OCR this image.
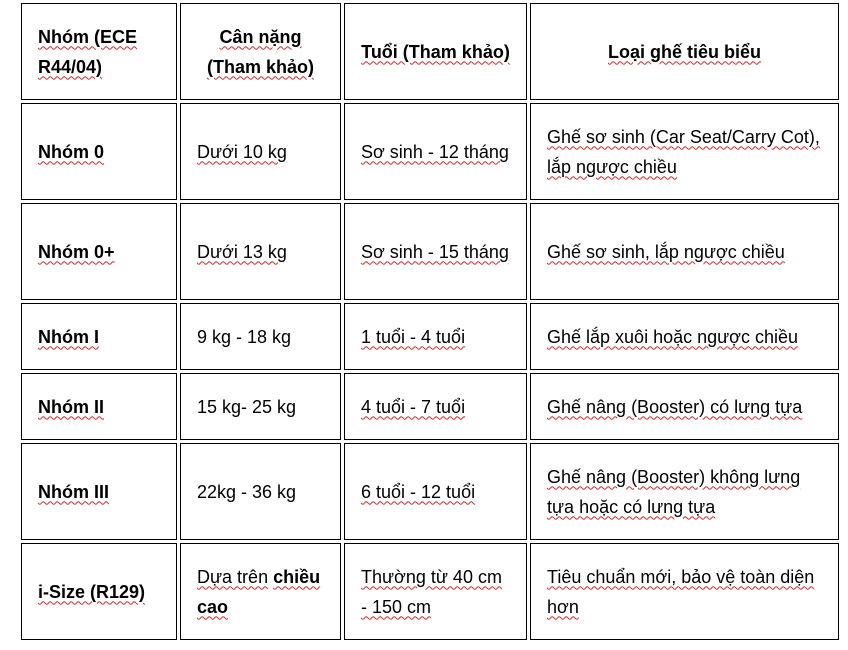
Nhóm (ECE R44/04)	Cân nặng (Tham khảo)	Tuổi (Tham khảo)	Loại ghế tiêu biểu
Nhóm 0	Dưới 10 kg	Sơ sinh - 12 tháng	Ghế sơ sinh (Car Seat/Carry Cot), lắp ngược chiều
Nhóm 0+	Dưới 13 kg	Sơ sinh - 15 tháng	Ghế sơ sinh, lắp ngược chiều
Nhóm I	9 kg - 18 kg	1 tuổi - 4 tuổi	Ghế lắp xuôi hoặc ngược chiều
Nhóm II	15 kg- 25 kg	4 tuổi - 7 tuổi	Ghế nâng (Booster) có lưng tựa
Nhóm III	22kg - 36 kg	6 tuổi - 12 tuổi	Ghế nâng (Booster) không lưng tựa hoặc có lưng tựa
i-Size (R129)	Dựa trên chiều cao	Thường từ 40 cm - 150 cm	Tiêu chuẩn mới, bảo vệ toàn diện hơn
